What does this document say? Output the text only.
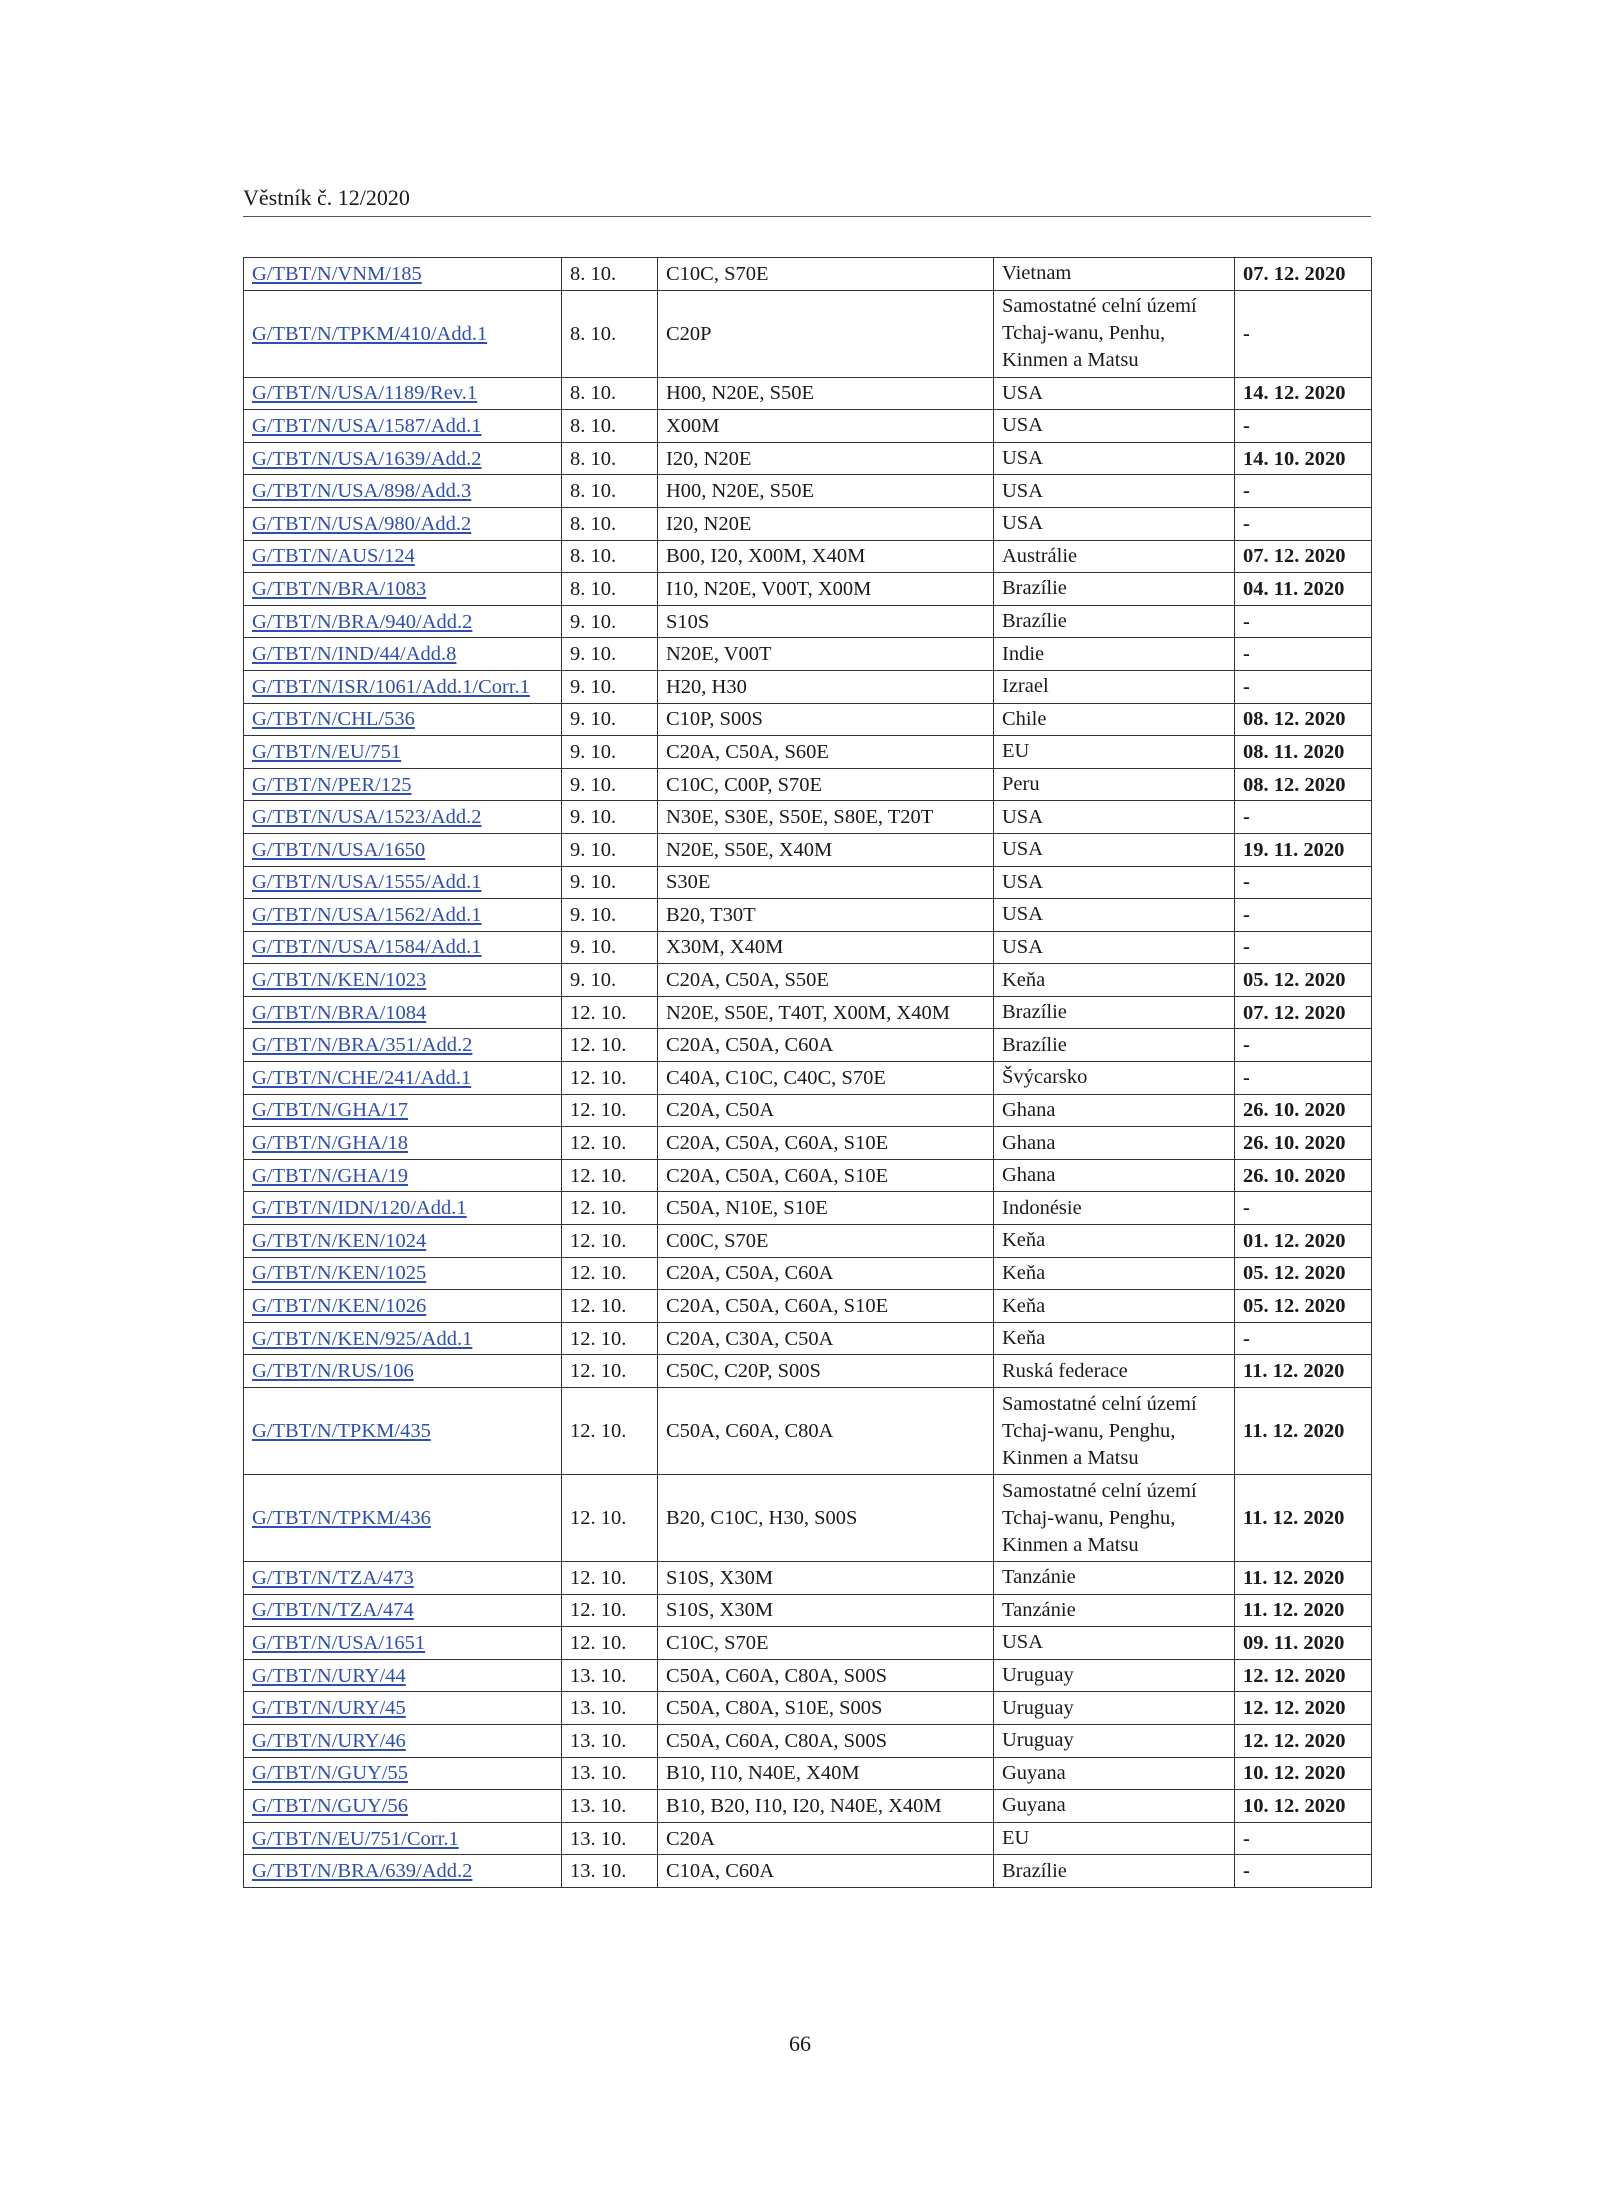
Věstník č. 12/2020
G/TBT/N/VNM/185	8. 10.	C10C, S70E	Vietnam	07. 12. 2020
G/TBT/N/TPKM/410/Add.1	8. 10.	C20P	Samostatné celní území Tchaj-wanu, Penhu, Kinmen a Matsu	-
G/TBT/N/USA/1189/Rev.1	8. 10.	H00, N20E, S50E	USA	14. 12. 2020
G/TBT/N/USA/1587/Add.1	8. 10.	X00M	USA	-
G/TBT/N/USA/1639/Add.2	8. 10.	I20, N20E	USA	14. 10. 2020
G/TBT/N/USA/898/Add.3	8. 10.	H00, N20E, S50E	USA	-
G/TBT/N/USA/980/Add.2	8. 10.	I20, N20E	USA	-
G/TBT/N/AUS/124	8. 10.	B00, I20, X00M, X40M	Austrálie	07. 12. 2020
G/TBT/N/BRA/1083	8. 10.	I10, N20E, V00T, X00M	Brazílie	04. 11. 2020
G/TBT/N/BRA/940/Add.2	9. 10.	S10S	Brazílie	-
G/TBT/N/IND/44/Add.8	9. 10.	N20E, V00T	Indie	-
G/TBT/N/ISR/1061/Add.1/Corr.1	9. 10.	H20, H30	Izrael	-
G/TBT/N/CHL/536	9. 10.	C10P, S00S	Chile	08. 12. 2020
G/TBT/N/EU/751	9. 10.	C20A, C50A, S60E	EU	08. 11. 2020
G/TBT/N/PER/125	9. 10.	C10C, C00P, S70E	Peru	08. 12. 2020
G/TBT/N/USA/1523/Add.2	9. 10.	N30E, S30E, S50E, S80E, T20T	USA	-
G/TBT/N/USA/1650	9. 10.	N20E, S50E, X40M	USA	19. 11. 2020
G/TBT/N/USA/1555/Add.1	9. 10.	S30E	USA	-
G/TBT/N/USA/1562/Add.1	9. 10.	B20, T30T	USA	-
G/TBT/N/USA/1584/Add.1	9. 10.	X30M, X40M	USA	-
G/TBT/N/KEN/1023	9. 10.	C20A, C50A, S50E	Keňa	05. 12. 2020
G/TBT/N/BRA/1084	12. 10.	N20E, S50E, T40T, X00M, X40M	Brazílie	07. 12. 2020
G/TBT/N/BRA/351/Add.2	12. 10.	C20A, C50A, C60A	Brazílie	-
G/TBT/N/CHE/241/Add.1	12. 10.	C40A, C10C, C40C, S70E	Švýcarsko	-
G/TBT/N/GHA/17	12. 10.	C20A, C50A	Ghana	26. 10. 2020
G/TBT/N/GHA/18	12. 10.	C20A, C50A, C60A, S10E	Ghana	26. 10. 2020
G/TBT/N/GHA/19	12. 10.	C20A, C50A, C60A, S10E	Ghana	26. 10. 2020
G/TBT/N/IDN/120/Add.1	12. 10.	C50A, N10E, S10E	Indonésie	-
G/TBT/N/KEN/1024	12. 10.	C00C, S70E	Keňa	01. 12. 2020
G/TBT/N/KEN/1025	12. 10.	C20A, C50A, C60A	Keňa	05. 12. 2020
G/TBT/N/KEN/1026	12. 10.	C20A, C50A, C60A, S10E	Keňa	05. 12. 2020
G/TBT/N/KEN/925/Add.1	12. 10.	C20A, C30A, C50A	Keňa	-
G/TBT/N/RUS/106	12. 10.	C50C, C20P, S00S	Ruská federace	11. 12. 2020
G/TBT/N/TPKM/435	12. 10.	C50A, C60A, C80A	Samostatné celní území Tchaj-wanu, Penghu, Kinmen a Matsu	11. 12. 2020
G/TBT/N/TPKM/436	12. 10.	B20, C10C, H30, S00S	Samostatné celní území Tchaj-wanu, Penghu, Kinmen a Matsu	11. 12. 2020
G/TBT/N/TZA/473	12. 10.	S10S, X30M	Tanzánie	11. 12. 2020
G/TBT/N/TZA/474	12. 10.	S10S, X30M	Tanzánie	11. 12. 2020
G/TBT/N/USA/1651	12. 10.	C10C, S70E	USA	09. 11. 2020
G/TBT/N/URY/44	13. 10.	C50A, C60A, C80A, S00S	Uruguay	12. 12. 2020
G/TBT/N/URY/45	13. 10.	C50A, C80A, S10E, S00S	Uruguay	12. 12. 2020
G/TBT/N/URY/46	13. 10.	C50A, C60A, C80A, S00S	Uruguay	12. 12. 2020
G/TBT/N/GUY/55	13. 10.	B10, I10, N40E, X40M	Guyana	10. 12. 2020
G/TBT/N/GUY/56	13. 10.	B10, B20, I10, I20, N40E, X40M	Guyana	10. 12. 2020
G/TBT/N/EU/751/Corr.1	13. 10.	C20A	EU	-
G/TBT/N/BRA/639/Add.2	13. 10.	C10A, C60A	Brazílie	-
66
